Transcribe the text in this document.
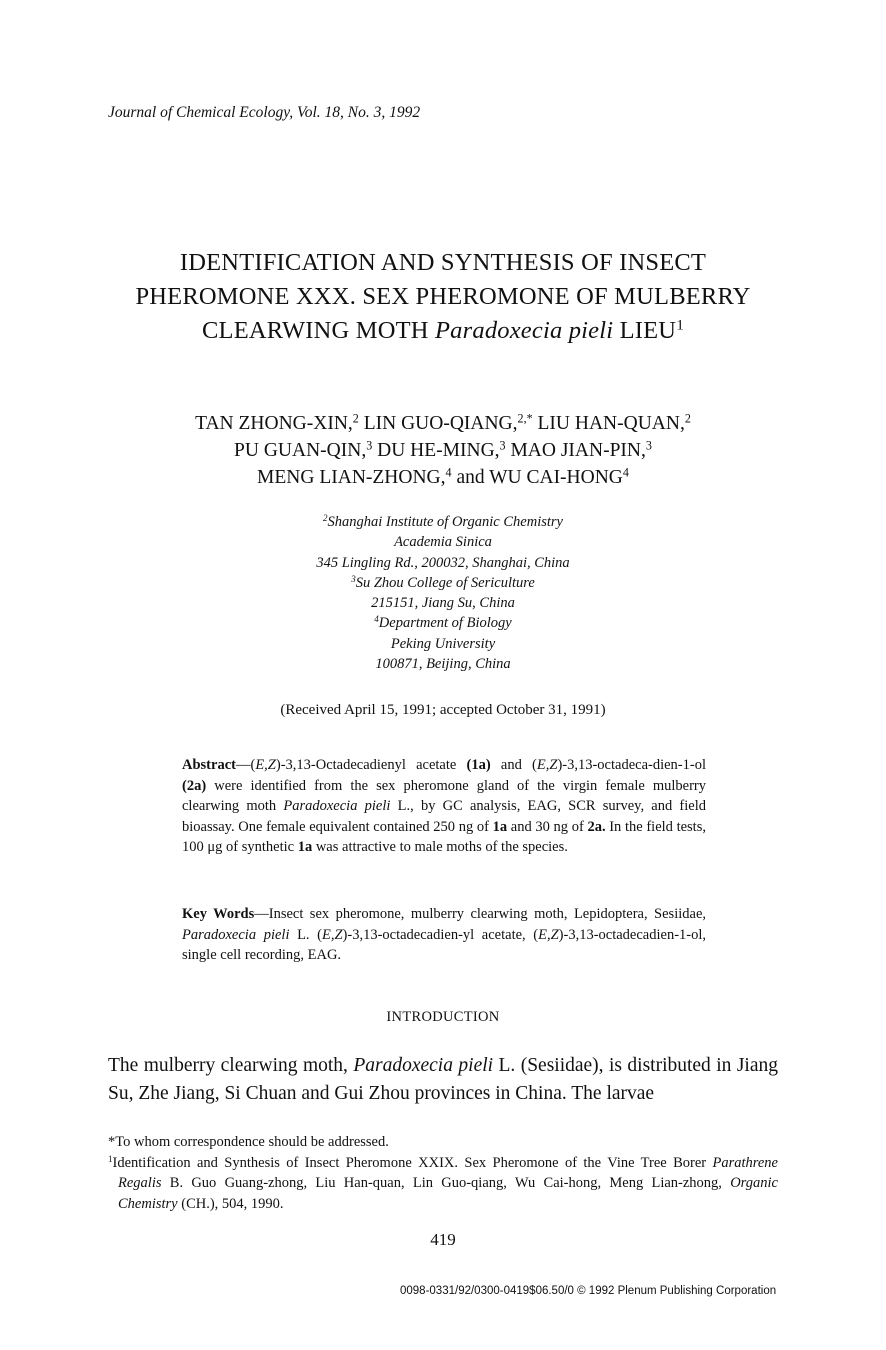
Journal of Chemical Ecology, Vol. 18, No. 3, 1992
IDENTIFICATION AND SYNTHESIS OF INSECT
PHEROMONE XXX. SEX PHEROMONE OF MULBERRY
CLEARWING MOTH Paradoxecia pieli LIEU$^1$
TAN ZHONG-XIN,$^2$ LIN GUO-QIANG,$^{2,*}$ LIU HAN-QUAN,$^2$
PU GUAN-QIN,$^3$ DU HE-MING,$^3$ MAO JIAN-PIN,$^3$
MENG LIAN-ZHONG,$^4$ and WU CAI-HONG$^4$
$^2$Shanghai Institute of Organic Chemistry
Academia Sinica
345 Lingling Rd., 200032, Shanghai, China
$^3$Su Zhou College of Sericulture
215151, Jiang Su, China
$^4$Department of Biology
Peking University
100871, Beijing, China
(Received April 15, 1991; accepted October 31, 1991)
Abstract—(E,Z)-3,13-Octadecadienyl acetate (1a) and (E,Z)-3,13-octadeca-dien-1-ol (2a) were identified from the sex pheromone gland of the virgin female mulberry clearwing moth Paradoxecia pieli L., by GC analysis, EAG, SCR survey, and field bioassay. One female equivalent contained 250 ng of 1a and 30 ng of 2a. In the field tests, 100 μg of synthetic 1a was attractive to male moths of the species.
Key Words—Insect sex pheromone, mulberry clearwing moth, Lepidoptera, Sesiidae, Paradoxecia pieli L. (E,Z)-3,13-octadecadien-yl acetate, (E,Z)-3,13-octadecadien-1-ol, single cell recording, EAG.
INTRODUCTION
The mulberry clearwing moth, Paradoxecia pieli L. (Sesiidae), is distributed in Jiang Su, Zhe Jiang, Si Chuan and Gui Zhou provinces in China. The larvae
*To whom correspondence should be addressed.
$^1$Identification and Synthesis of Insect Pheromone XXIX. Sex Pheromone of the Vine Tree Borer Parathrene Regalis B. Guo Guang-zhong, Liu Han-quan, Lin Guo-qiang, Wu Cai-hong, Meng Lian-zhong, Organic Chemistry (CH.), 504, 1990.
419
0098-0331/92/0300-0419$06.50/0 © 1992 Plenum Publishing Corporation
